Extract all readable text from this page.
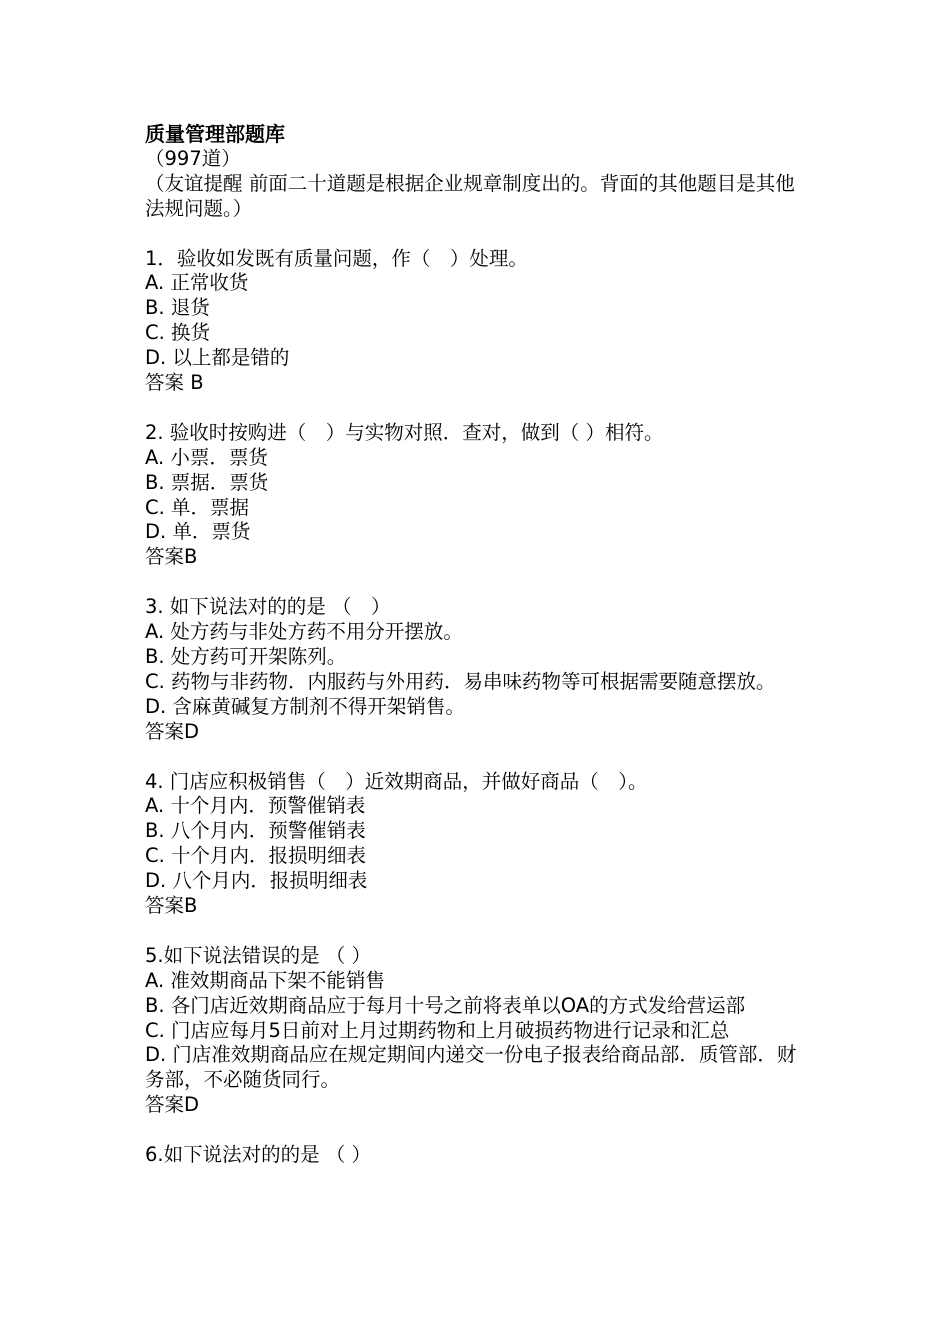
质量管理部题库
（997道）
（友谊提醒 前面二十道题是根据企业规章制度出的。背面的其他题目是其他法规问题。）
1．验收如发既有质量问题，作（　）处理。
A. 正常收货
B. 退货
C. 换货
D. 以上都是错的
答案 B
2. 验收时按购进（　）与实物对照．查对，做到（ ）相符。
A. 小票．票货
B. 票据．票货
C. 单．票据
D. 单．票货
答案B
3. 如下说法对的的是 （　）
A. 处方药与非处方药不用分开摆放。
B. 处方药可开架陈列。
C. 药物与非药物．内服药与外用药．易串味药物等可根据需要随意摆放。
D. 含麻黄碱复方制剂不得开架销售。
答案D
4. 门店应积极销售（　）近效期商品，并做好商品（　）。
A. 十个月内．预警催销表
B. 八个月内．预警催销表
C. 十个月内．报损明细表
D. 八个月内．报损明细表
答案B
5.如下说法错误的是 （ ）
A. 准效期商品下架不能销售
B. 各门店近效期商品应于每月十号之前将表单以OA的方式发给营运部
C. 门店应每月5日前对上月过期药物和上月破损药物进行记录和汇总
D. 门店准效期商品应在规定期间内递交一份电子报表给商品部．质管部．财务部，不必随货同行。
答案D
6.如下说法对的的是 （ ）
